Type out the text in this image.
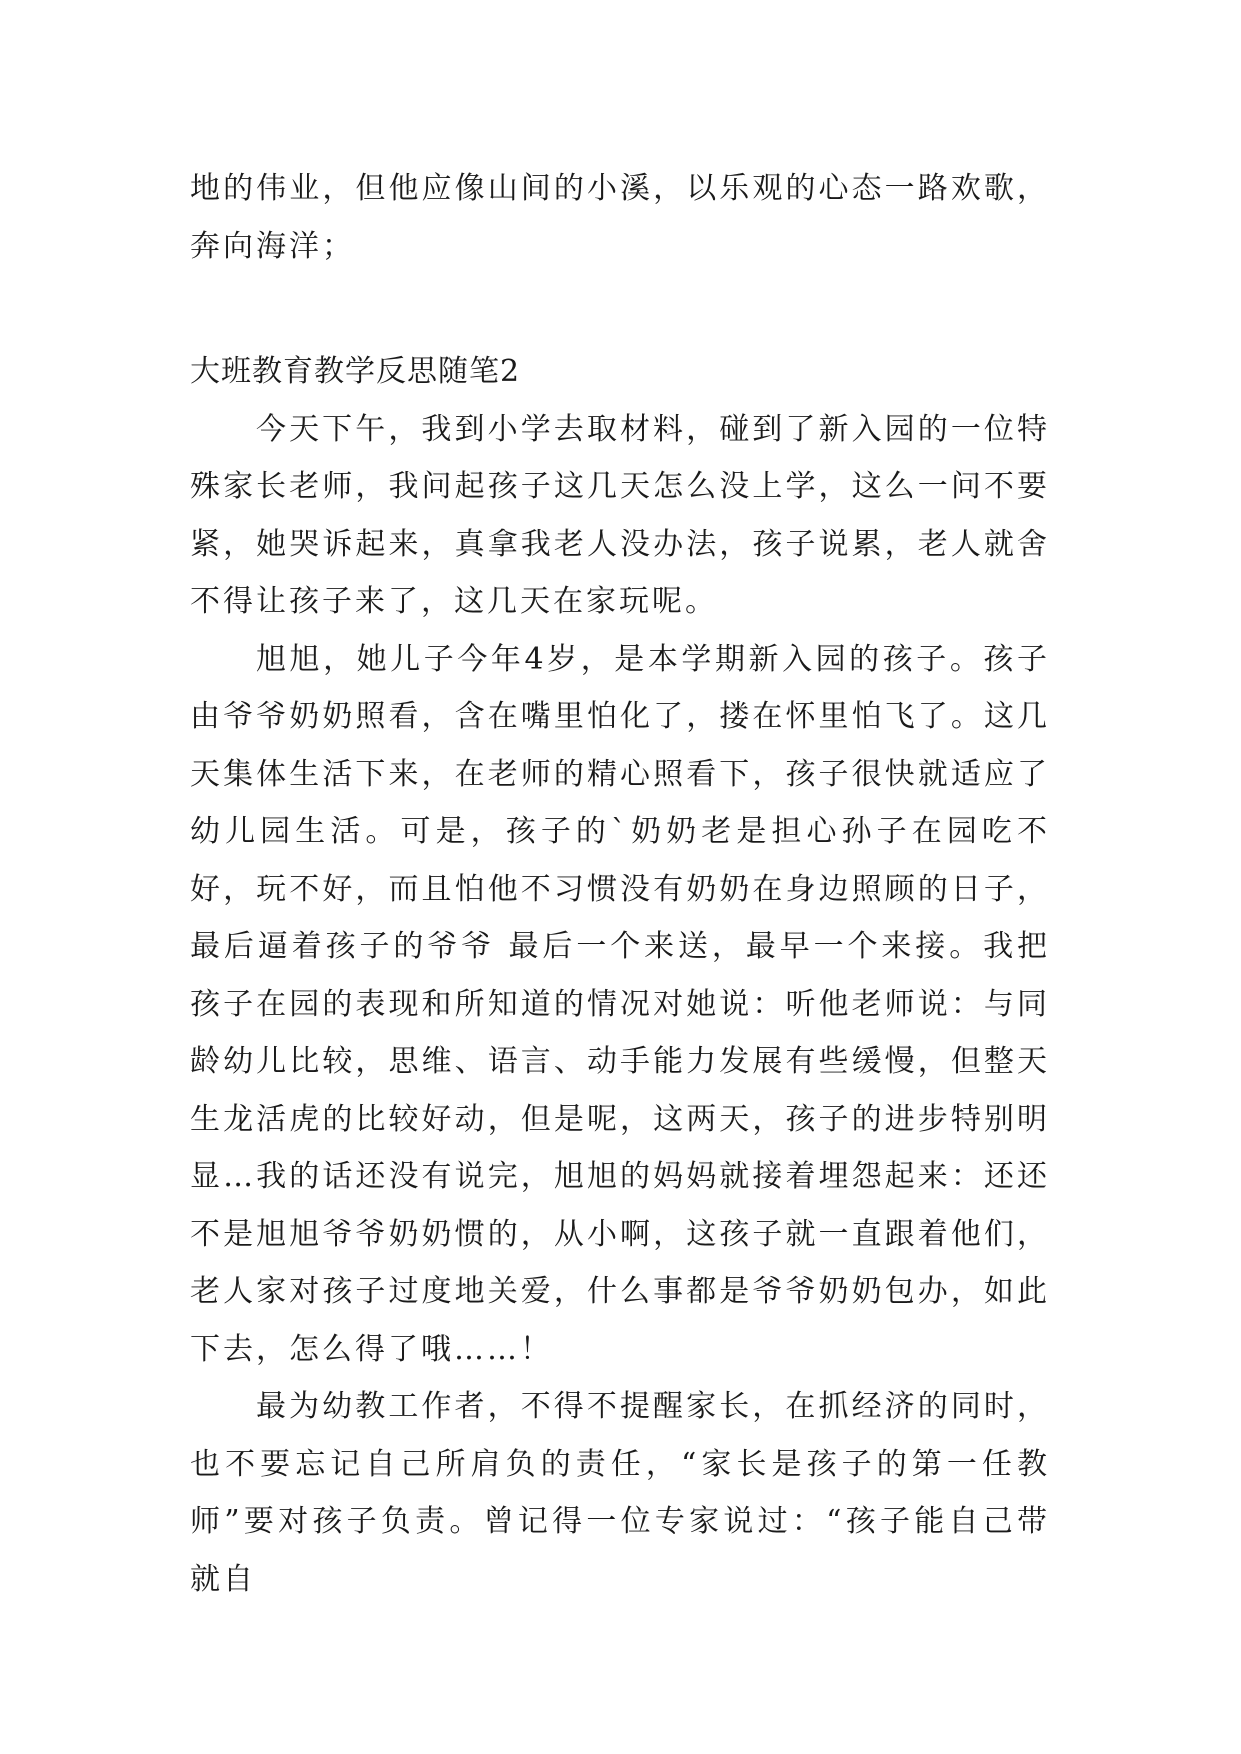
地的伟业，但他应像山间的小溪，以乐观的心态一路欢歌，奔向海洋；

大班教育教学反思随笔2

今天下午，我到小学去取材料，碰到了新入园的一位特殊家长老师，我问起孩子这几天怎么没上学，这么一问不要紧，她哭诉起来，真拿我老人没办法，孩子说累，老人就舍不得让孩子来了，这几天在家玩呢。

旭旭，她儿子今年4岁，是本学期新入园的孩子。孩子由爷爷奶奶照看，含在嘴里怕化了，搂在怀里怕飞了。这几天集体生活下来，在老师的精心照看下，孩子很快就适应了幼儿园生活。可是，孩子的`奶奶老是担心孙子在园吃不好，玩不好，而且怕他不习惯没有奶奶在身边照顾的日子，最后逼着孩子的爷爷 最后一个来送，最早一个来接。我把孩子在园的表现和所知道的情况对她说：听他老师说：与同龄幼儿比较，思维、语言、动手能力发展有些缓慢，但整天生龙活虎的比较好动，但是呢，这两天，孩子的进步特别明显…我的话还没有说完，旭旭的妈妈就接着埋怨起来：还还不是旭旭爷爷奶奶惯的，从小啊，这孩子就一直跟着他们，老人家对孩子过度地关爱，什么事都是爷爷奶奶包办，如此下去，怎么得了哦……！

最为幼教工作者，不得不提醒家长，在抓经济的同时，也不要忘记自己所肩负的责任，“家长是孩子的第一任教师”要对孩子负责。曾记得一位专家说过：“孩子能自己带就自
